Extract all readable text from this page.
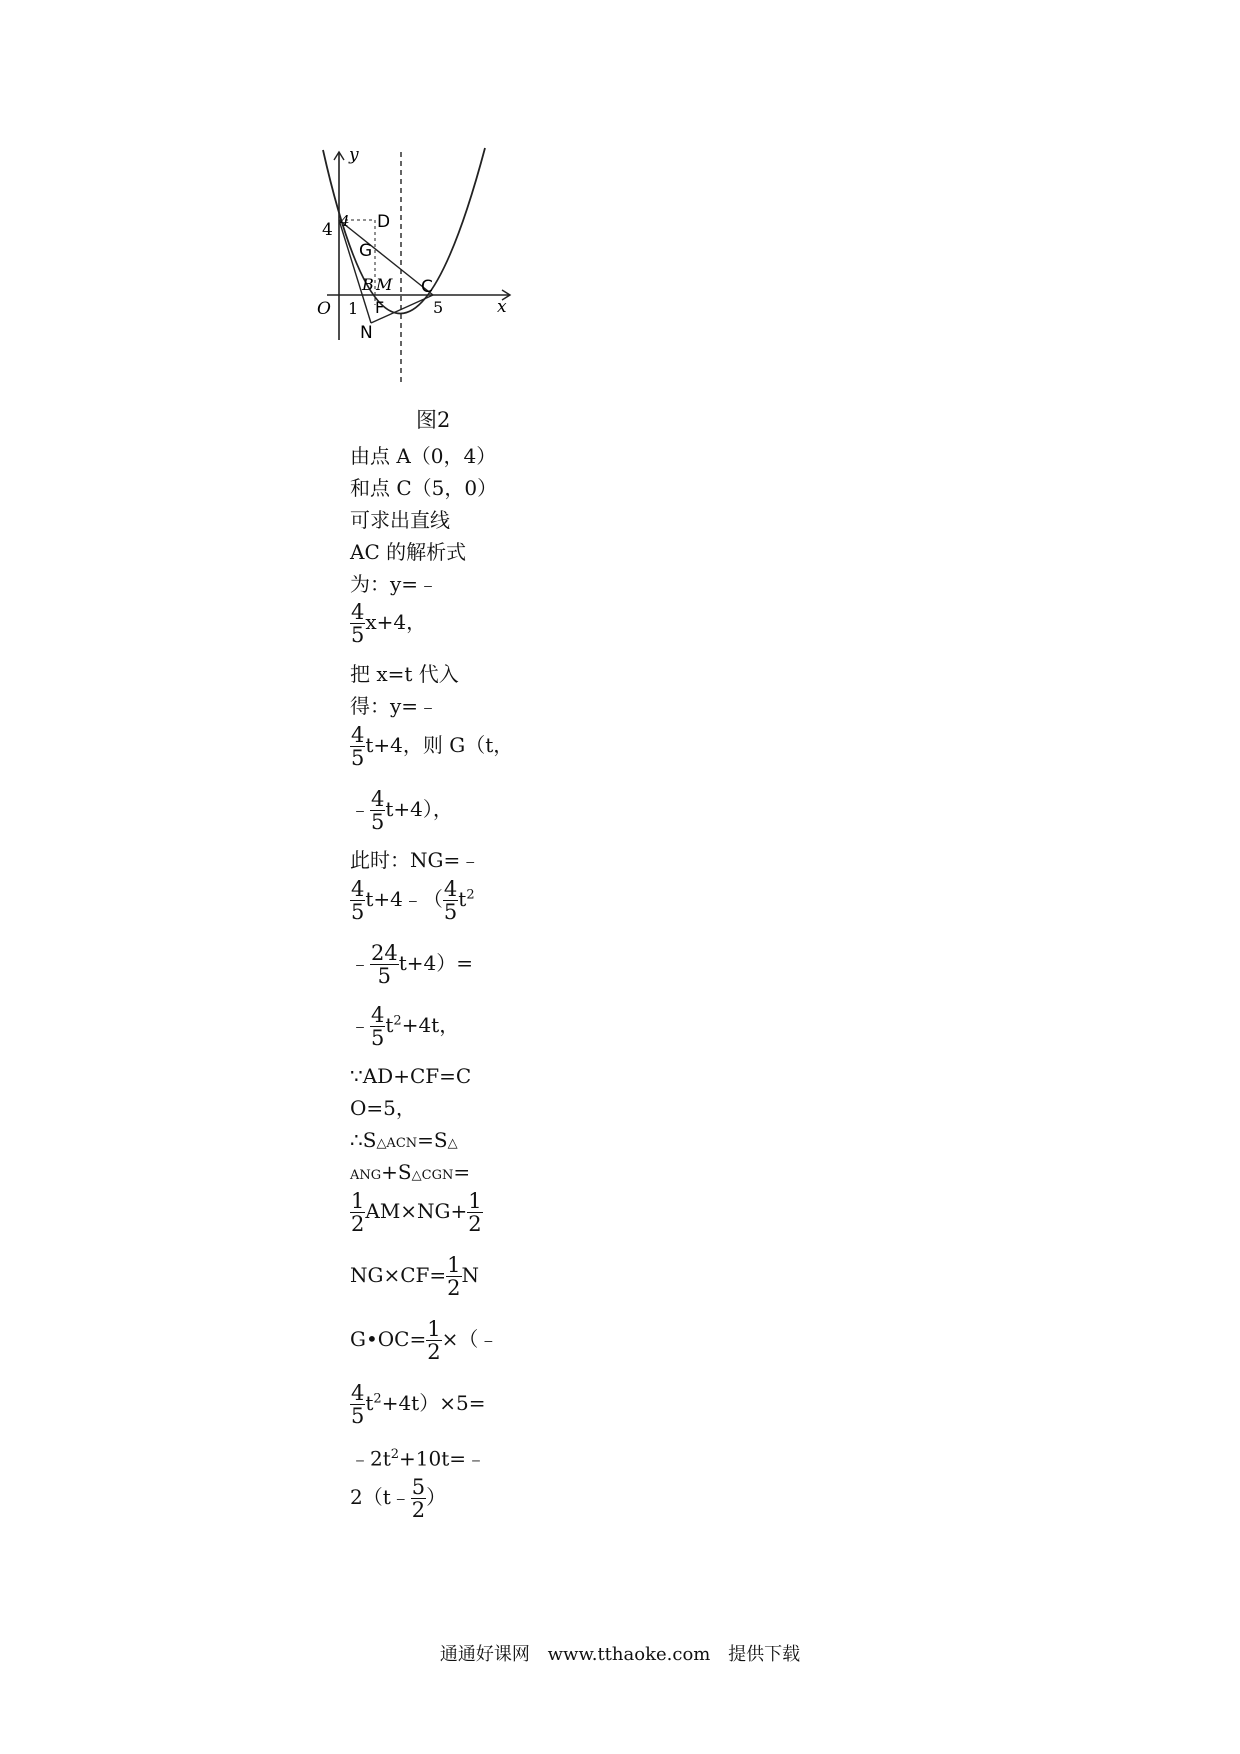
y
x
O
4 4 D
G
B M
F
C
N
1	5
图2
由点 A（0，4）
和点 C（5，0）
可求出直线
AC 的解析式
为：y=﹣
$\frac{4}{5} x+4$，
把 x=t 代入
得：y=﹣
$\frac{4}{5} t+4$，则 G（t，
﹣ $\frac{4}{5} t+4$），
此时：NG=﹣
$\frac{4}{5}$ t+4﹣（ $\frac{4}{5} t^2$
﹣ $\frac{24}{5} t+4)=$
﹣ $\frac{4}{5} t^2+4t$，
∵AD+CF=C
O=5，
∴S△ACN=S△
ANG+S△CGN=
$\frac{1}{2} AM\times NG+ \frac{1}{2}$
$NG\times CF= \frac{1}{2}$ N
G•OC= $\frac{1}{2}$ ×（﹣
$\frac{4}{5} t^2+4t)\times 5=$
$﹣2t^2+10t=﹣$
2（t﹣ $\frac{5}{2}$ ）
通通好课网 www.tthaoke.com 提供下载
